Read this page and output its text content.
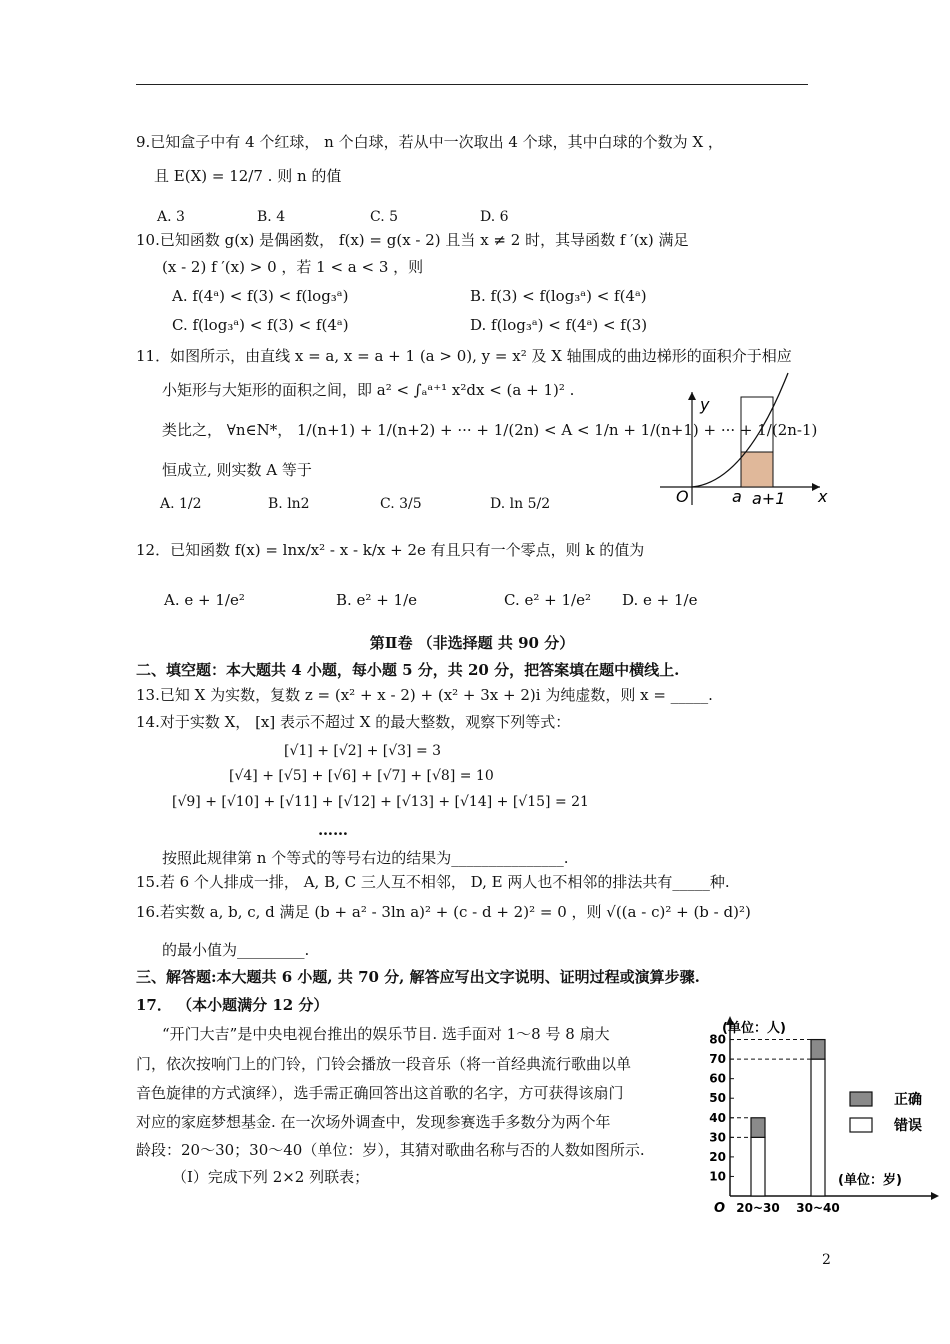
9.已知盒子中有 4 个红球， n 个白球，若从中一次取出 4 个球，其中白球的个数为 X ，
且 E(X) = 12/7 . 则 n 的值
A. 3	B. 4	C. 5	D. 6
10.已知函数 g(x) 是偶函数， f(x) = g(x - 2) 且当 x ≠ 2 时，其导函数 f ′(x) 满足
(x - 2) f ′(x) > 0 ，若 1 < a < 3 ，则
A. f(4ᵃ) < f(3) < f(log₃ᵃ)	B. f(3) < f(log₃ᵃ) < f(4ᵃ)
C. f(log₃ᵃ) < f(3) < f(4ᵃ)	D. f(log₃ᵃ) < f(4ᵃ) < f(3)
11．如图所示，由直线 x = a, x = a + 1 (a > 0), y = x² 及 X 轴围成的曲边梯形的面积介于相应
小矩形与大矩形的面积之间，即 a² < ∫ₐᵃ⁺¹ x²dx < (a + 1)² .
类比之， ∀n∈N*， 1/(n+1) + 1/(n+2) + ··· + 1/(2n) < A < 1/n + 1/(n+1) + ··· + 1/(2n-1)
恒成立, 则实数 A 等于
A. 1/2	B. ln2	C. 3/5	D. ln 5/2
y
x
O	a a+1
12．已知函数 f(x) = lnx/x² - x - k/x + 2e 有且只有一个零点，则 k 的值为
A. e + 1/e²	B. e² + 1/e	C. e² + 1/e² D. e + 1/e
第Ⅱ卷 （非选择题 共 90 分）
二、填空题：本大题共 4 小题，每小题 5 分，共 20 分，把答案填在题中横线上.
13.已知 X 为实数，复数 z = (x² + x - 2) + (x² + 3x + 2)i 为纯虚数，则 x = _____.
14.对于实数 X， [x] 表示不超过 X 的最大整数，观察下列等式：
[√1] + [√2] + [√3] = 3
[√4] + [√5] + [√6] + [√7] + [√8] = 10
[√9] + [√10] + [√11] + [√12] + [√13] + [√14] + [√15] = 21
……
按照此规律第 n 个等式的等号右边的结果为_______________.
15.若 6 个人排成一排， A, B, C 三人互不相邻， D, E 两人也不相邻的排法共有_____种.
16.若实数 a, b, c, d 满足 (b + a² - 3ln a)² + (c - d + 2)² = 0 ，则 √((a - c)² + (b - d)²)
的最小值为_________.
三、解答题:本大题共 6 小题, 共 70 分, 解答应写出文字说明、证明过程或演算步骤.
17． （本小题满分 12 分）
“开门大吉”是中央电视台推出的娱乐节目. 选手面对 1～8 号 8 扇大
门，依次按响门上的门铃，门铃会播放一段音乐（将一首经典流行歌曲以单
音色旋律的方式演绎），选手需正确回答出这首歌的名字，方可获得该扇门
对应的家庭梦想基金. 在一次场外调查中，发现参赛选手多数分为两个年
龄段：20～30；30～40（单位：岁），其猜对歌曲名称与否的人数如图所示.
（Ⅰ）完成下列 2×2 列联表；	10
20
30
40
50
60
70
80
O
(单位：人)
(单位：岁)
20~30 30~40
正确
错误
2
